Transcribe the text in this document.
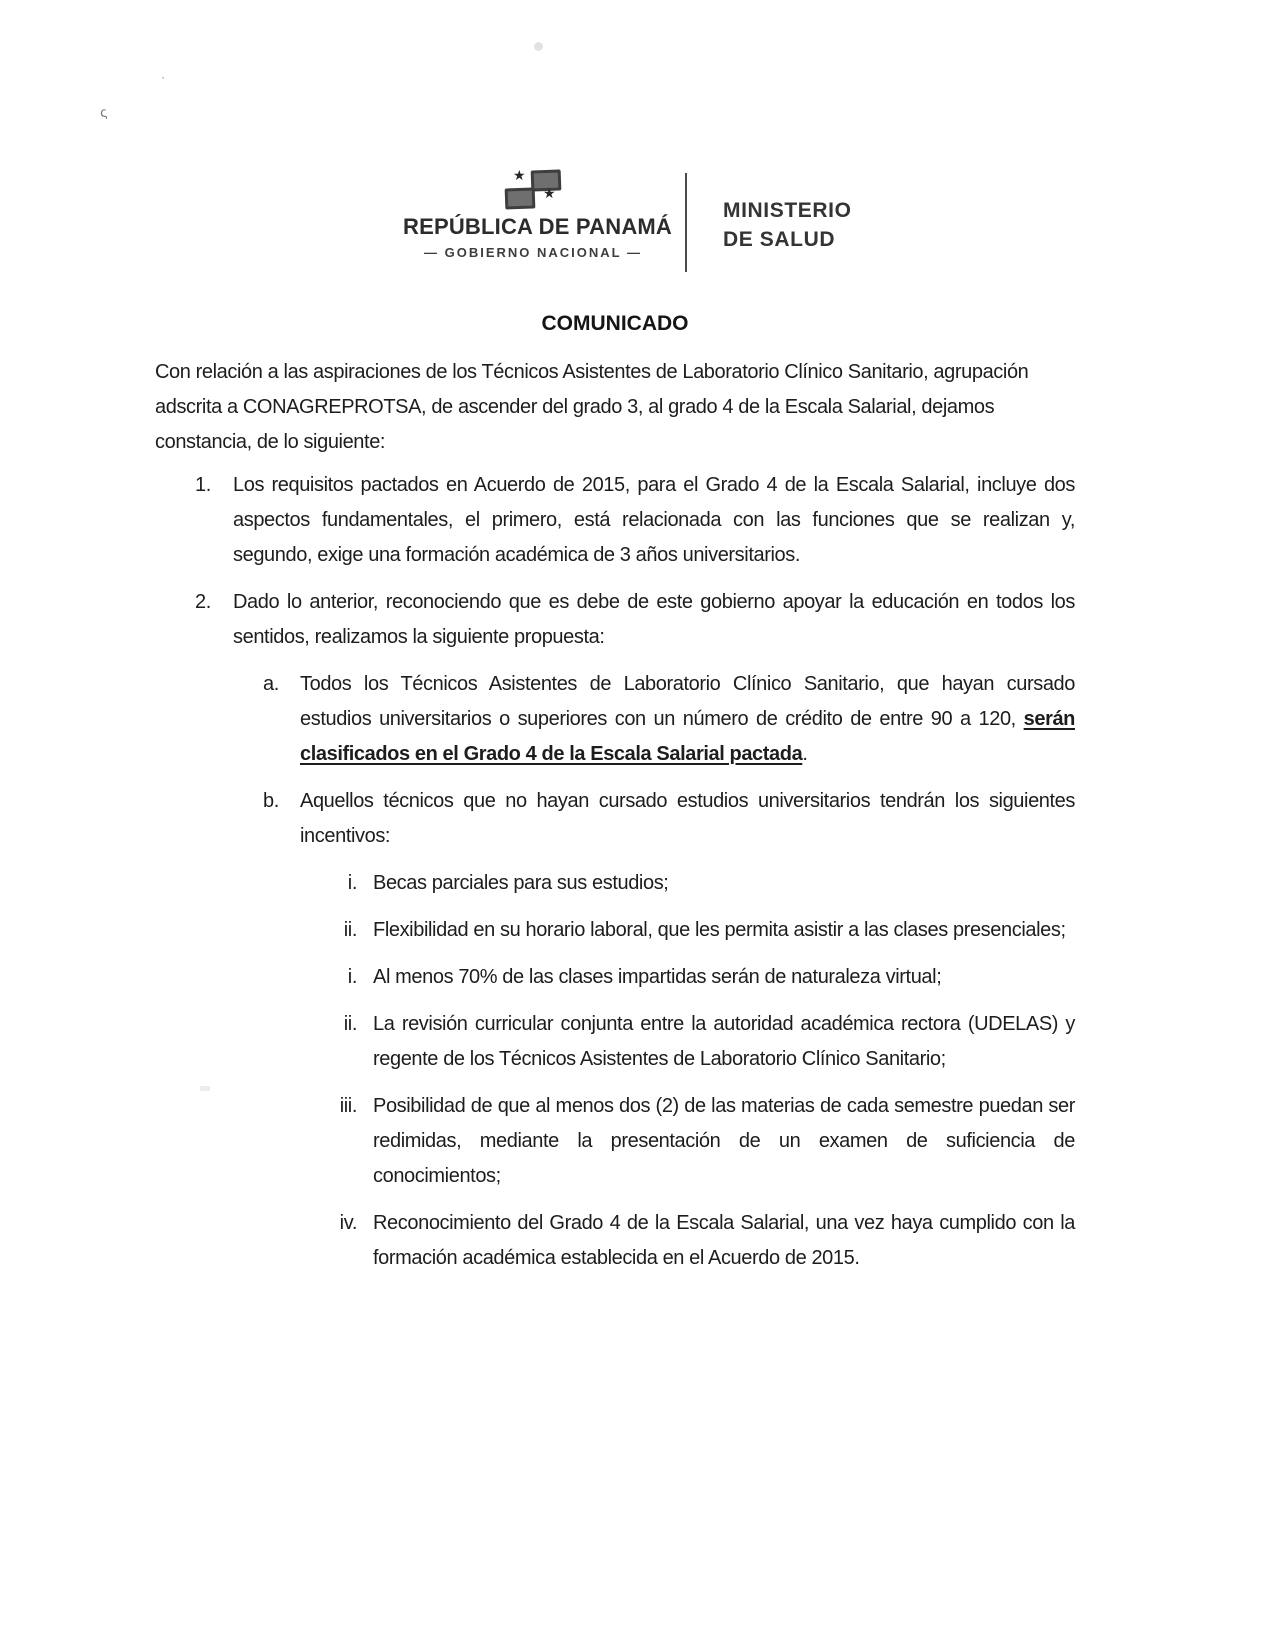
`
ς
★
★
REPÚBLICA DE PANAMÁ
— GOBIERNO NACIONAL —
MINISTERIO
DE SALUD
COMUNICADO

Con relación a las aspiraciones de los Técnicos Asistentes de Laboratorio Clínico Sanitario, agrupación adscrita a CONAGREPROTSA, de ascender del grado 3, al grado 4 de la Escala Salarial, dejamos constancia, de lo siguiente:

1.	Los requisitos pactados en Acuerdo de 2015, para el Grado 4 de la Escala Salarial, incluye dos aspectos fundamentales, el primero, está relacionada con las funciones que se realizan y, segundo, exige una formación académica de 3 años universitarios.
2.	Dado lo anterior, reconociendo que es debe de este gobierno apoyar la educación en todos los sentidos, realizamos la siguiente propuesta:
a.	Todos los Técnicos Asistentes de Laboratorio Clínico Sanitario, que hayan cursado estudios universitarios o superiores con un número de crédito de entre 90 a 120, serán clasificados en el Grado 4 de la Escala Salarial pactada.
b.	Aquellos técnicos que no hayan cursado estudios universitarios tendrán los siguientes incentivos:
i. Becas parciales para sus estudios;
ii. Flexibilidad en su horario laboral, que les permita asistir a las clases presenciales;
i. Al menos 70% de las clases impartidas serán de naturaleza virtual;
ii. La revisión curricular conjunta entre la autoridad académica rectora (UDELAS) y regente de los Técnicos Asistentes de Laboratorio Clínico Sanitario;
iii. Posibilidad de que al menos dos (2) de las materias de cada semestre puedan ser redimidas, mediante la presentación de un examen de suficiencia de conocimientos;
iv. Reconocimiento del Grado 4 de la Escala Salarial, una vez haya cumplido con la formación académica establecida en el Acuerdo de 2015.
